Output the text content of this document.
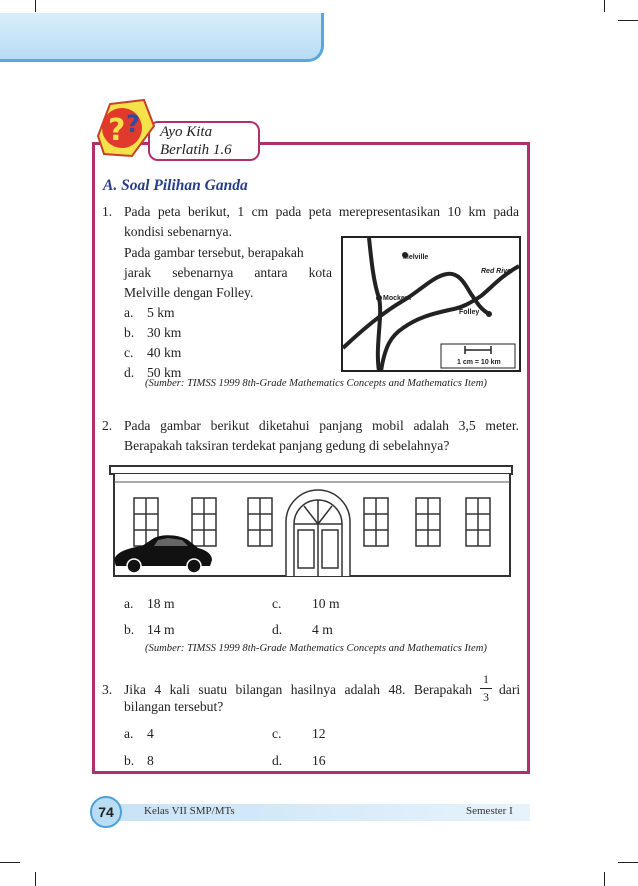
? ? Ayo Kita
Berlatih 1.6
A. Soal Pilihan Ganda
1. Pada peta berikut, 1 cm pada peta merepresentasikan 10 km pada
kondisi sebenarnya.
Pada gambar tersebut, berapakah
jarak sebenarnya antara kota
Melville dengan Folley.
a. 5 km
b. 30 km
c. 40 km
d. 50 km
Melville
Red River
Mockem
Folley
1 cm = 10 km
(Sumber: TIMSS 1999 8th-Grade Mathematics Concepts and Mathematics Item)
2. Pada gambar berikut diketahui panjang mobil adalah 3,5 meter.
Berapakah taksiran terdekat panjang gedung di sebelahnya?
a. 18 m
b. 14 m
c. 10 m
d. 4 m
(Sumber: TIMSS 1999 8th-Grade Mathematics Concepts and Mathematics Item)
3. Jika 4 kali suatu bilangan hasilnya adalah 48. Berapakah
1
3 dari
bilangan tersebut?
a. 4
b. 8
c. 12
d. 16
74	Kelas VII SMP/MTs	Semester I
